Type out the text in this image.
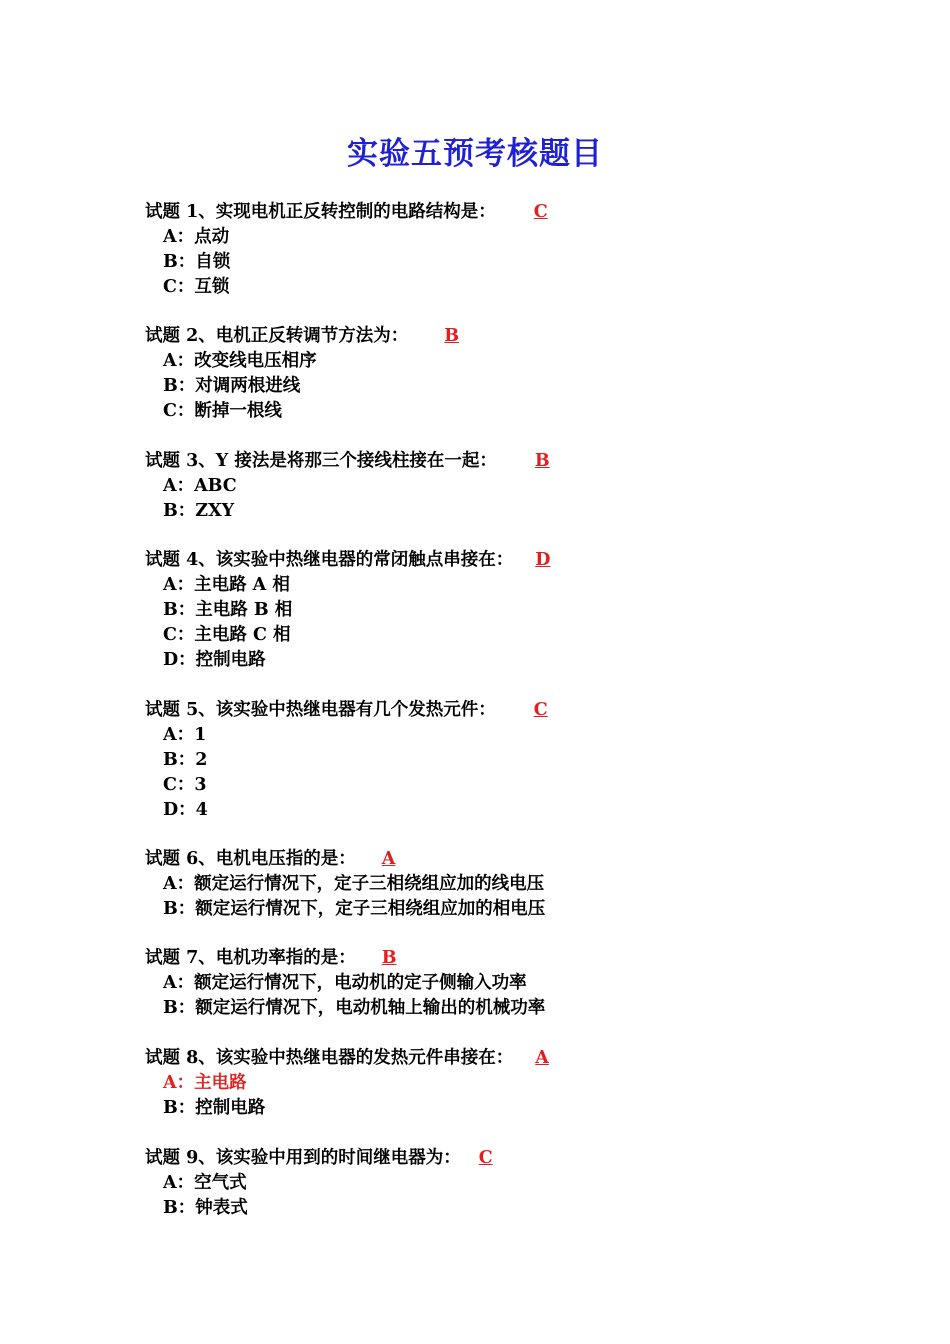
实验五预考核题目
试题 1、实现电机正反转控制的电路结构是： C
A：点动
B：自锁
C：互锁
试题 2、电机正反转调节方法为： B
A：改变线电压相序
B：对调两根进线
C：断掉一根线
试题 3、Y 接法是将那三个接线柱接在一起： B
A：ABC
B：ZXY
试题 4、该实验中热继电器的常闭触点串接在： D
A：主电路 A 相
B：主电路 B 相
C：主电路 C 相
D：控制电路
试题 5、该实验中热继电器有几个发热元件： C
A：1
B：2
C：3
D：4
试题 6、电机电压指的是： A
A：额定运行情况下，定子三相绕组应加的线电压
B：额定运行情况下，定子三相绕组应加的相电压
试题 7、电机功率指的是： B
A：额定运行情况下，电动机的定子侧输入功率
B：额定运行情况下，电动机轴上输出的机械功率
试题 8、该实验中热继电器的发热元件串接在： A
A：主电路
B：控制电路
试题 9、该实验中用到的时间继电器为： C
A：空气式
B：钟表式
